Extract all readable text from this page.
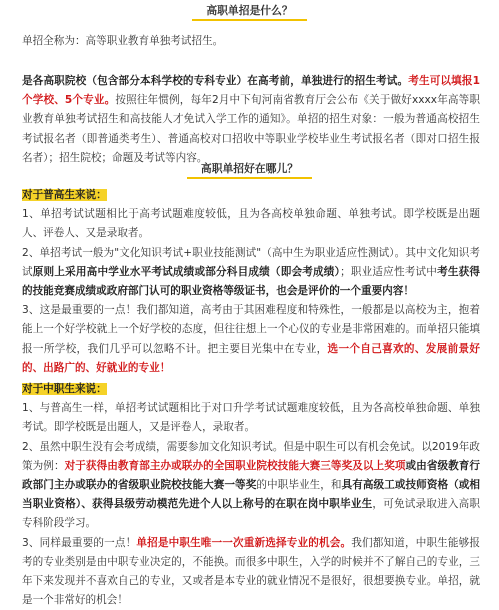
高职单招是什么？
单招全称为：高等职业教育单独考试招生。
是各高职院校（包含部分本科学校的专科专业）在高考前，单独进行的招生考试。考生可以填报1个学校、5个专业。按照往年惯例，每年2月中下旬河南省教育厅会公布《关于做好xxxx年高等职业教育单独考试招生和高技能人才免试入学工作的通知》。单招的招生对象：一般为普通高校招生考试报名者（即普通类考生）、普通高校对口招收中等职业学校毕业生考试报名者（即对口招生报名者）；招生院校；命题及考试等内容。
高职单招好在哪儿？
对于普高生来说：
1、单招考试试题相比于高考试题难度较低，且为各高校单独命题、单独考试。即学校既是出题人、评卷人、又是录取者。
2、单招考试一般为"文化知识考试+职业技能测试"（高中生为职业适应性测试）。其中文化知识考试原则上采用高中学业水平考试成绩或部分科目成绩（即会考成绩）；职业适应性考试中考生获得的技能竞赛成绩或政府部门认可的职业资格等级证书，也会是评价的一个重要内容！
3、这是最重要的一点！我们都知道，高考由于其困难程度和特殊性，一般都是以高校为主，抱着能上一个好学校就上一个好学校的态度，但往往想上一个心仪的专业是非常困难的。而单招只能填报一所学校，我们几乎可以忽略不计。把主要目光集中在专业，选一个自己喜欢的、发展前景好的、出路广的、好就业的专业！
对于中职生来说：
1、与普高生一样，单招考试试题相比于对口升学考试试题难度较低，且为各高校单独命题、单独考试。即学校既是出题人，又是评卷人，录取者。
2、虽然中职生没有会考成绩，需要参加文化知识考试。但是中职生可以有机会免试。以2019年政策为例：对于获得由教育部主办或联办的全国职业院校技能大赛三等奖及以上奖项或由省级教育行政部门主办或联办的省级职业院校技能大赛一等奖的中职毕业生，和具有高级工或技师资格（或相当职业资格）、获得县级劳动模范先进个人以上称号的在职在岗中职毕业生，可免试录取进入高职专科阶段学习。
3、同样最重要的一点！单招是中职生唯一一次重新选择专业的机会。我们都知道，中职生能够报考的专业类别是由中职专业决定的，不能换。而很多中职生，入学的时候并不了解自己的专业，三年下来发现并不喜欢自己的专业，又或者是本专业的就业情况不是很好，很想要换专业。单招，就是一个非常好的机会！
